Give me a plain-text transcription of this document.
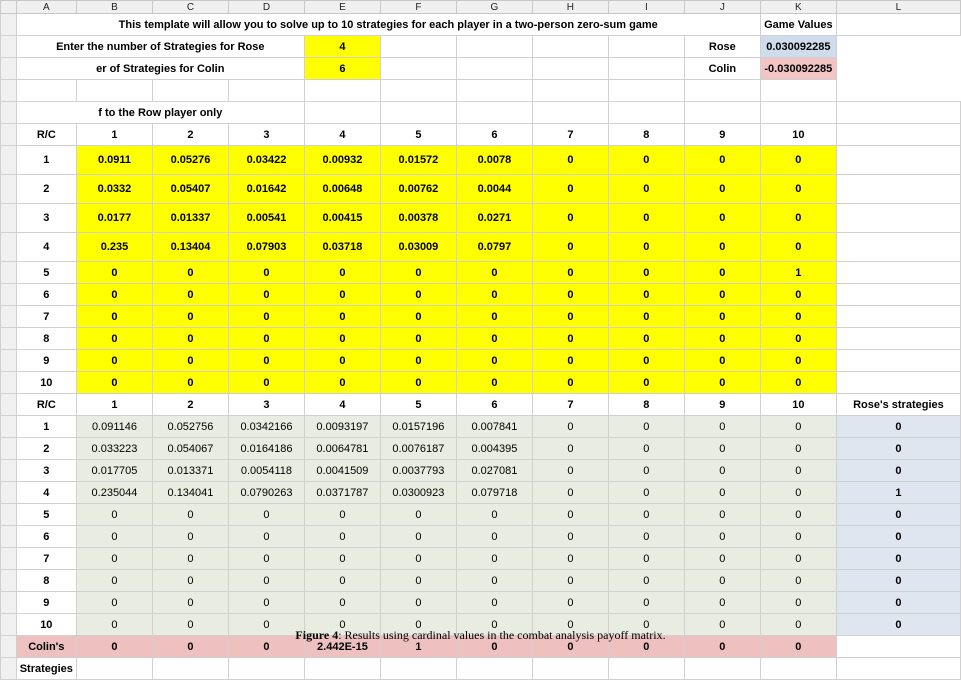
	A	B	C	D	E	F	G	H	I	J	K	L
	This template will allow you to solve up to 10 strategies for each player in a two-person zero-sum game										Game Values	
	Enter the number of Strategies for Rose				4					Rose	0.030092285	
	er of Strategies for Colin				6					Colin	-0.030092285	

	f to the Row player only											
	R/C	1	2	3	4	5	6	7	8	9	10	
	1	0.0911	0.05276	0.03422	0.00932	0.01572	0.0078	0	0	0	0	
	2	0.0332	0.05407	0.01642	0.00648	0.00762	0.0044	0	0	0	0	
	3	0.0177	0.01337	0.00541	0.00415	0.00378	0.0271	0	0	0	0	
	4	0.235	0.13404	0.07903	0.03718	0.03009	0.0797	0	0	0	0	
	5	0	0	0	0	0	0	0	0	0	1	
	6	0	0	0	0	0	0	0	0	0	0	
	7	0	0	0	0	0	0	0	0	0	0	
	8	0	0	0	0	0	0	0	0	0	0	
	9	0	0	0	0	0	0	0	0	0	0	
	10	0	0	0	0	0	0	0	0	0	0	
	R/C	1	2	3	4	5	6	7	8	9	10	Rose's strategies
	1	0.091146	0.052756	0.0342166	0.0093197	0.0157196	0.007841	0	0	0	0	0
	2	0.033223	0.054067	0.0164186	0.0064781	0.0076187	0.004395	0	0	0	0	0
	3	0.017705	0.013371	0.0054118	0.0041509	0.0037793	0.027081	0	0	0	0	0
	4	0.235044	0.134041	0.0790263	0.0371787	0.0300923	0.079718	0	0	0	0	1
	5	0	0	0	0	0	0	0	0	0	0	0
	6	0	0	0	0	0	0	0	0	0	0	0
	7	0	0	0	0	0	0	0	0	0	0	0
	8	0	0	0	0	0	0	0	0	0	0	0
	9	0	0	0	0	0	0	0	0	0	0	0
	10	0	0	0	0	0	0	0	0	0	0	0
	Colin's	0	0	0	2.442E-15	1	0	0	0	0	0	
	Strategies											
Figure 4: Results using cardinal values in the combat analysis payoff matrix.
